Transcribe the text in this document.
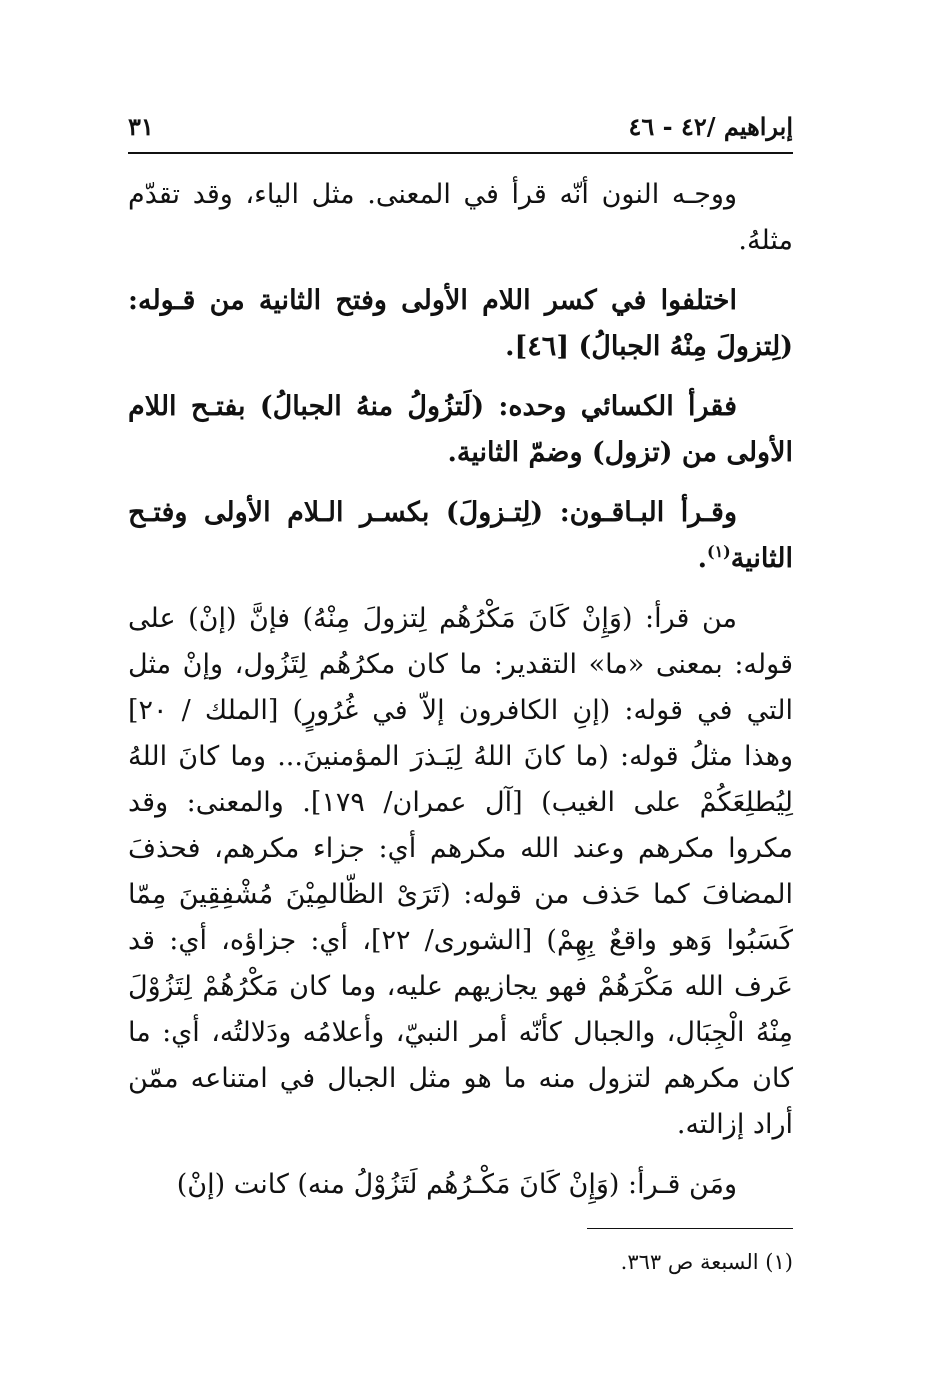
إبراهيم /٤٢ - ٤٦
٣١

ووجـه النون أنّه قرأ في المعنى. مثل الياء، وقد تقدّم مثلهُ.

اختلفوا في كسر اللام الأولى وفتح الثانية من قـوله: (لِتزولَ مِنْهُ الجبالُ) [٤٦].

فقرأ الكسائي وحده: (لَتزُولُ منهُ الجبالُ) بفتـح اللام الأولى من (تزول) وضمّ الثانية.

وقـرأ البـاقـون: (لِتـزولَ) بكسـر الـلام الأولى وفتـح الثانية$^{(١)}$.

من قرأ: (وَإِنْ كَانَ مَكْرُهُم لِتزولَ مِنْهُ) فإنَّ (إنْ) على قوله: بمعنى «ما» التقدير: ما كان مكرُهُم لِتَزُول، وإنْ مثل التي في قوله: (إنِ الكافرون إلاّ في غُرُورٍ) [الملك / ٢٠] وهذا مثلُ قوله: (ما كانَ اللهُ لِيَـذرَ المؤمنينَ... وما كانَ اللهُ لِيُطلِعَكُمْ على الغيب) [آل عمران/ ١٧٩]. والمعنى: وقد مكروا مكرهم وعند الله مكرهم أي: جزاء مكرهم، فحذفَ المضافَ كما حَذف من قوله: (تَرَىْ الظّالمِيْنَ مُشْفِقِينَ مِمّا كَسَبُوا وَهو واقعٌ بِهِمْ) [الشورى/ ٢٢]، أي: جزاؤه، أي: قد عَرف الله مَكْرَهُمْ فهو يجازيهم عليه، وما كان مَكْرُهُمْ لِتَزُوْلَ مِنْهُ الْجِبَال، والجبال كأنّه أمر النبيّ، وأعلامُه ودَلالتُه، أي: ما كان مكرهم لتزول منه ما هو مثل الجبال في امتناعه ممّن أراد إزالته.

ومَن قـرأ: (وَإِنْ كَانَ مَكْـرُهُم لَتَزُوْلُ منه) كانت (إنْ)

(١) السبعة ص ٣٦٣.
